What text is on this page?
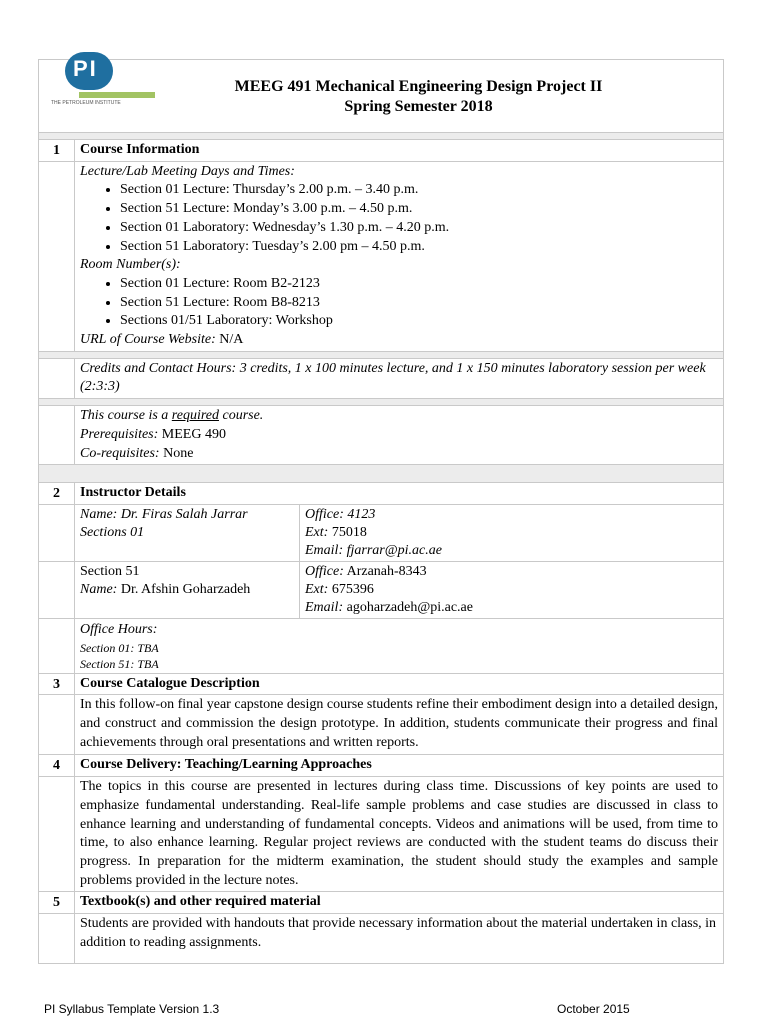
PI
THE PETROLEUM INSTITUTE
MEEG 491 Mechanical Engineering Design Project II
Spring Semester 2018
1	Course Information
Lecture/Lab Meeting Days and Times:
• Section 01 Lecture: Thursday’s 2.00 p.m. – 3.40 p.m.
• Section 51 Lecture: Monday’s 3.00 p.m. – 4.50 p.m.
• Section 01 Laboratory: Wednesday’s 1.30 p.m. – 4.20 p.m.
• Section 51 Laboratory: Tuesday’s 2.00 pm – 4.50 p.m.
Room Number(s):
• Section 01 Lecture: Room B2-2123
• Section 51 Lecture: Room B8-8213
• Sections 01/51 Laboratory: Workshop
URL of Course Website: N/A
Credits and Contact Hours: 3 credits, 1 x 100 minutes lecture, and 1 x 150 minutes laboratory session per week (2:3:3)
This course is a required course.
Prerequisites: MEEG 490
Co-requisites: None
2	Instructor Details
Name: Dr. Firas Salah Jarrar
Sections 01
Office: 4123
Ext: 75018
Email: fjarrar@pi.ac.ae
Section 51
Name: Dr. Afshin Goharzadeh
Office: Arzanah-8343
Ext: 675396
Email: agoharzadeh@pi.ac.ae
Office Hours:
Section 01: TBA
Section 51: TBA
3	Course Catalogue Description
In this follow-on final year capstone design course students refine their embodiment design into a detailed design, and construct and commission the design prototype. In addition, students communicate their progress and final achievements through oral presentations and written reports.
4	Course Delivery: Teaching/Learning Approaches
The topics in this course are presented in lectures during class time. Discussions of key points are used to emphasize fundamental understanding. Real-life sample problems and case studies are discussed in class to enhance learning and understanding of fundamental concepts. Videos and animations will be used, from time to time, to also enhance learning. Regular project reviews are conducted with the student teams do discuss their progress. In preparation for the midterm examination, the student should study the examples and sample problems provided in the lecture notes.
5	Textbook(s) and other required material
Students are provided with handouts that provide necessary information about the material undertaken in class, in addition to reading assignments.
PI Syllabus Template Version 1.3	October 2015
